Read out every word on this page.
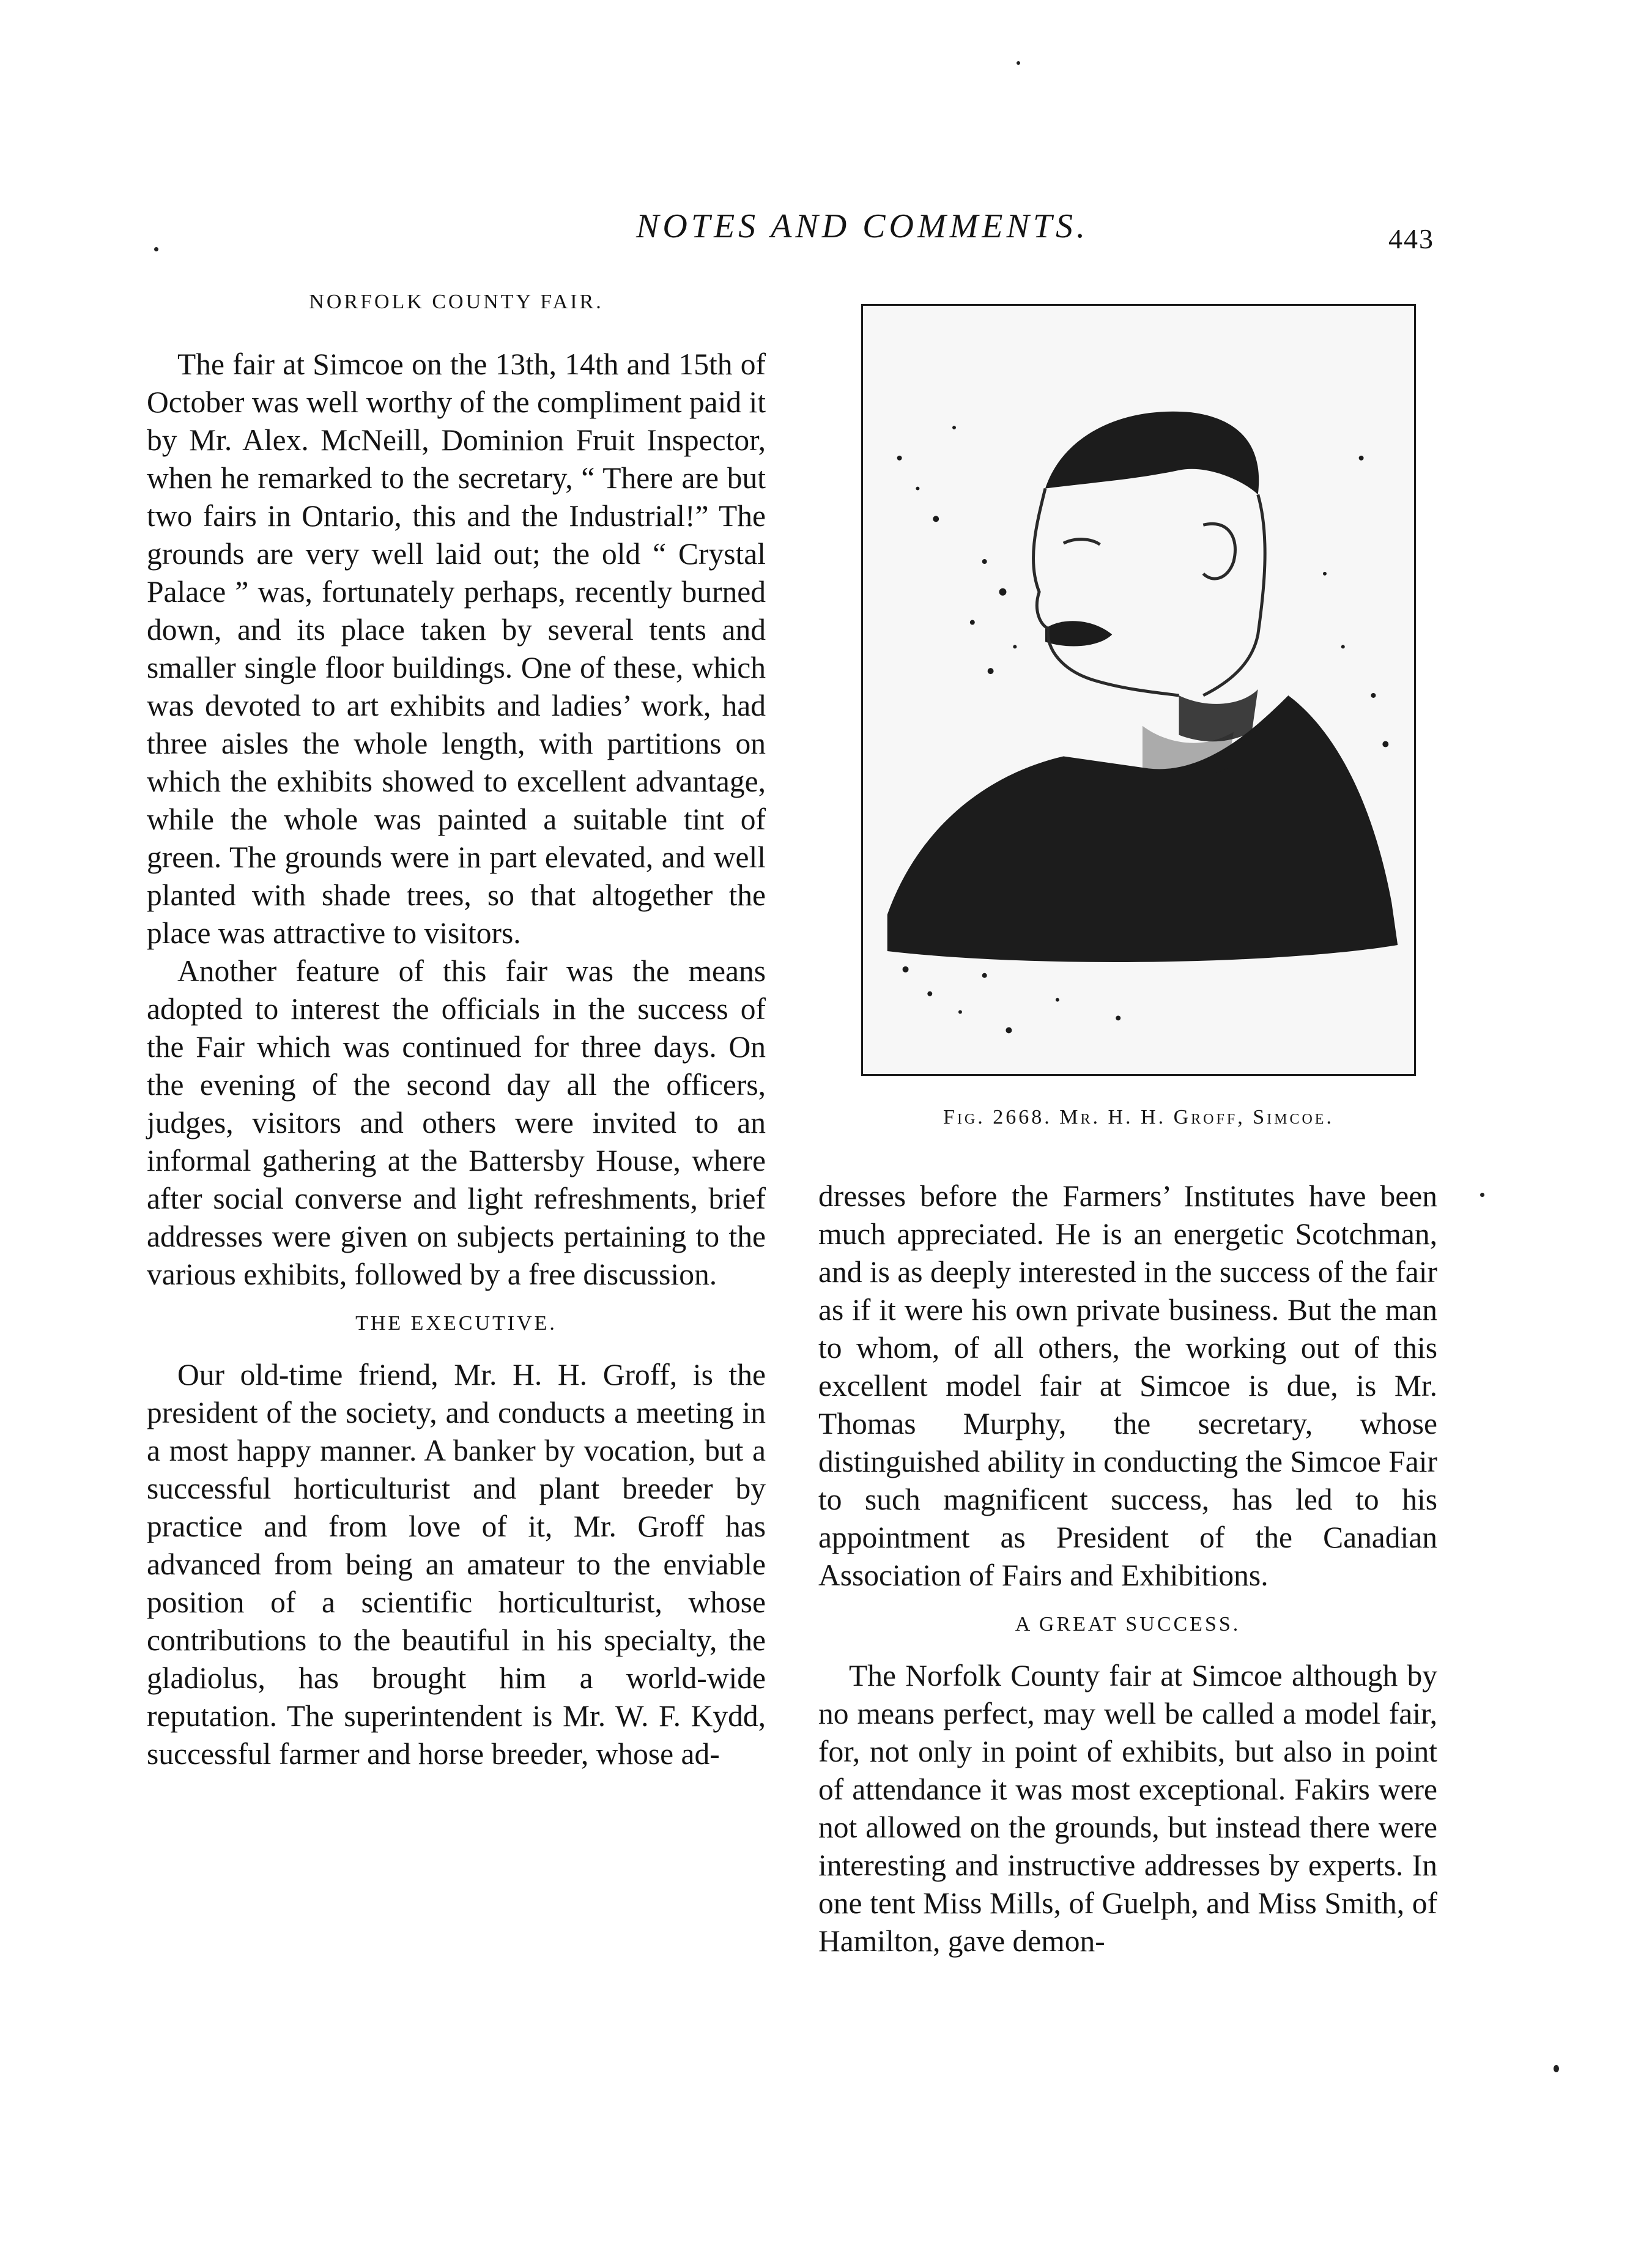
NOTES AND COMMENTS.	443
NORFOLK COUNTY FAIR.

The fair at Simcoe on the 13th, 14th and 15th of October was well worthy of the compliment paid it by Mr. Alex. McNeill, Dominion Fruit Inspector, when he remarked to the secretary, “ There are but two fairs in Ontario, this and the Industrial!” The grounds are very well laid out; the old “ Crystal Palace ” was, fortunately perhaps, recently burned down, and its place taken by several tents and smaller single floor buildings. One of these, which was devoted to art exhibits and ladies’ work, had three aisles the whole length, with partitions on which the exhibits showed to excellent advantage, while the whole was painted a suitable tint of green. The grounds were in part elevated, and well planted with shade trees, so that altogether the place was attractive to visitors.

Another feature of this fair was the means adopted to interest the officials in the success of the Fair which was continued for three days. On the evening of the second day all the officers, judges, visitors and others were invited to an informal gathering at the Battersby House, where after social converse and light refreshments, brief addresses were given on subjects pertaining to the various exhibits, followed by a free discussion.

THE EXECUTIVE.

Our old-time friend, Mr. H. H. Groff, is the president of the society, and conducts a meeting in a most happy manner. A banker by vocation, but a successful horticulturist and plant breeder by practice and from love of it, Mr. Groff has advanced from being an amateur to the enviable position of a scientific horticulturist, whose contributions to the beautiful in his specialty, the gladiolus, has brought him a world-wide reputation. The superintendent is Mr. W. F. Kydd, successful farmer and horse breeder, whose ad-

Fig. 2668. Mr. H. H. Groff, Simcoe.

dresses before the Farmers’ Institutes have been much appreciated. He is an energetic Scotchman, and is as deeply interested in the success of the fair as if it were his own private business. But the man to whom, of all others, the working out of this excellent model fair at Simcoe is due, is Mr. Thomas Murphy, the secretary, whose distinguished ability in conducting the Simcoe Fair to such magnificent success, has led to his appointment as President of the Canadian Association of Fairs and Exhibitions.

A GREAT SUCCESS.

The Norfolk County fair at Simcoe although by no means perfect, may well be called a model fair, for, not only in point of exhibits, but also in point of attendance it was most exceptional. Fakirs were not allowed on the grounds, but instead there were interesting and instructive addresses by experts. In one tent Miss Mills, of Guelph, and Miss Smith, of Hamilton, gave demon-
